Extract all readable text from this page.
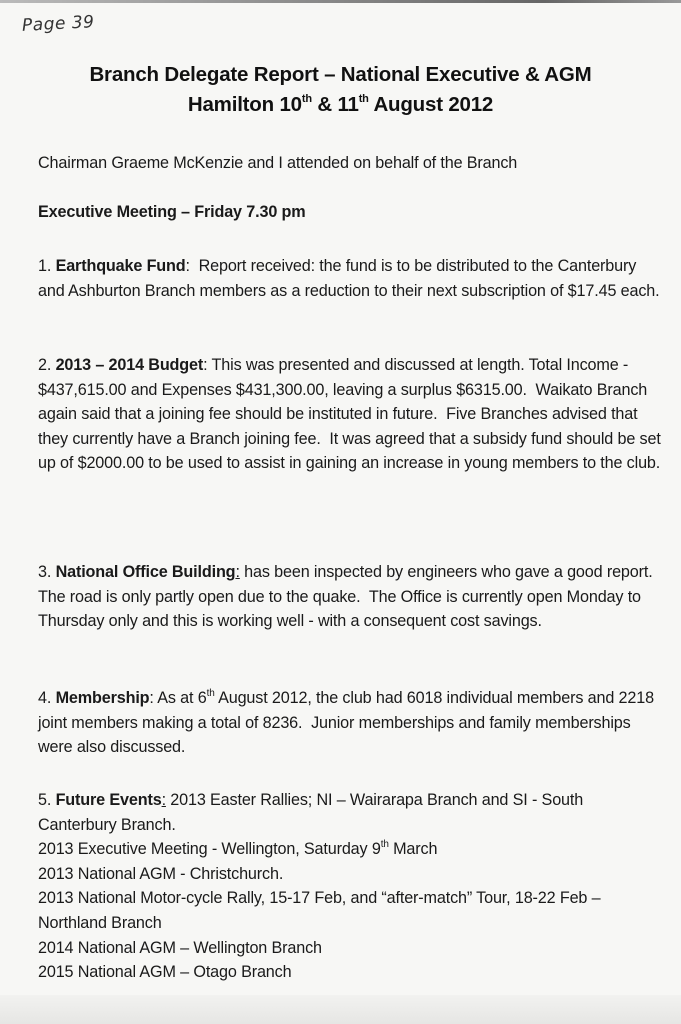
Page 39
Branch Delegate Report – National Executive & AGM
Hamilton 10th & 11th August 2012
Chairman Graeme McKenzie and I attended on behalf of the Branch
Executive Meeting – Friday 7.30 pm
1. Earthquake Fund:  Report received: the fund is to be distributed to the Canterbury and Ashburton Branch members as a reduction to their next subscription of $17.45 each.
2. 2013 – 2014 Budget: This was presented and discussed at length. Total Income - $437,615.00 and Expenses $431,300.00, leaving a surplus $6315.00.  Waikato Branch again said that a joining fee should be instituted in future.  Five Branches advised that they currently have a Branch joining fee.  It was agreed that a subsidy fund should be set up of $2000.00 to be used to assist in gaining an increase in young members to the club.
3. National Office Building: has been inspected by engineers who gave a good report.  The road is only partly open due to the quake.  The Office is currently open Monday to Thursday only and this is working well - with a consequent cost savings.
4. Membership: As at 6th August 2012, the club had 6018 individual members and 2218 joint members making a total of 8236.  Junior memberships and family memberships were also discussed.
5. Future Events: 2013 Easter Rallies; NI – Wairarapa Branch and SI - South Canterbury Branch.
2013 Executive Meeting - Wellington, Saturday 9th March
2013 National AGM - Christchurch.
2013 National Motor-cycle Rally, 15-17 Feb, and “after-match” Tour, 18-22 Feb – Northland Branch
2014 National AGM – Wellington Branch
2015 National AGM – Otago Branch
